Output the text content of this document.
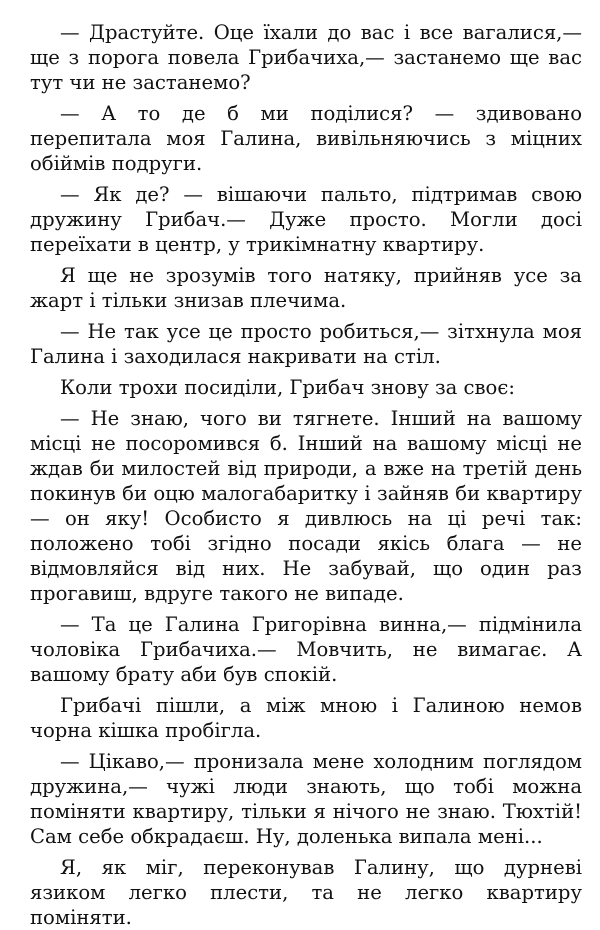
— Драстуйте. Оце їхали до вас і все вагалися,— ще з порога повела Грибачиха,— застанемо ще вас тут чи не застанемо?

— А то де б ми поділися? — здивовано перепитала моя Галина, вивільняючись з міцних обіймів подруги.

— Як де? — вішаючи пальто, підтримав свою дружину Грибач.— Дуже просто. Могли досі переїхати в центр, у трикімнатну квартиру.

Я ще не зрозумів того натяку, прийняв усе за жарт і тільки знизав плечима.

— Не так усе це просто робиться,— зітхнула моя Галина і заходилася накривати на стіл.

Коли трохи посиділи, Грибач знову за своє:

— Не знаю, чого ви тягнете. Інший на вашому місці не посоромився б. Інший на вашому місці не ждав би милостей від природи, а вже на третій день покинув би оцю малогабаритку і зайняв би квартиру — он яку! Особисто я дивлюсь на ці речі так: положено тобі згідно посади якісь блага — не відмовляйся від них. Не забувай, що один раз прогавиш, вдруге такого не випаде.

— Та це Галина Григорівна винна,— підмінила чоловіка Грибачиха.— Мовчить, не вимагає. А вашому брату аби був спокій.

Грибачі пішли, а між мною і Галиною немов чорна кішка пробігла.

— Цікаво,— пронизала мене холодним поглядом дружина,— чужі люди знають, що тобі можна поміняти квартиру, тільки я нічого не знаю. Тюхтій! Сам себе обкрадаєш. Ну, доленька випала мені...

Я, як міг, переконував Галину, що дурневі язиком легко плести, та не легко квартиру поміняти.
